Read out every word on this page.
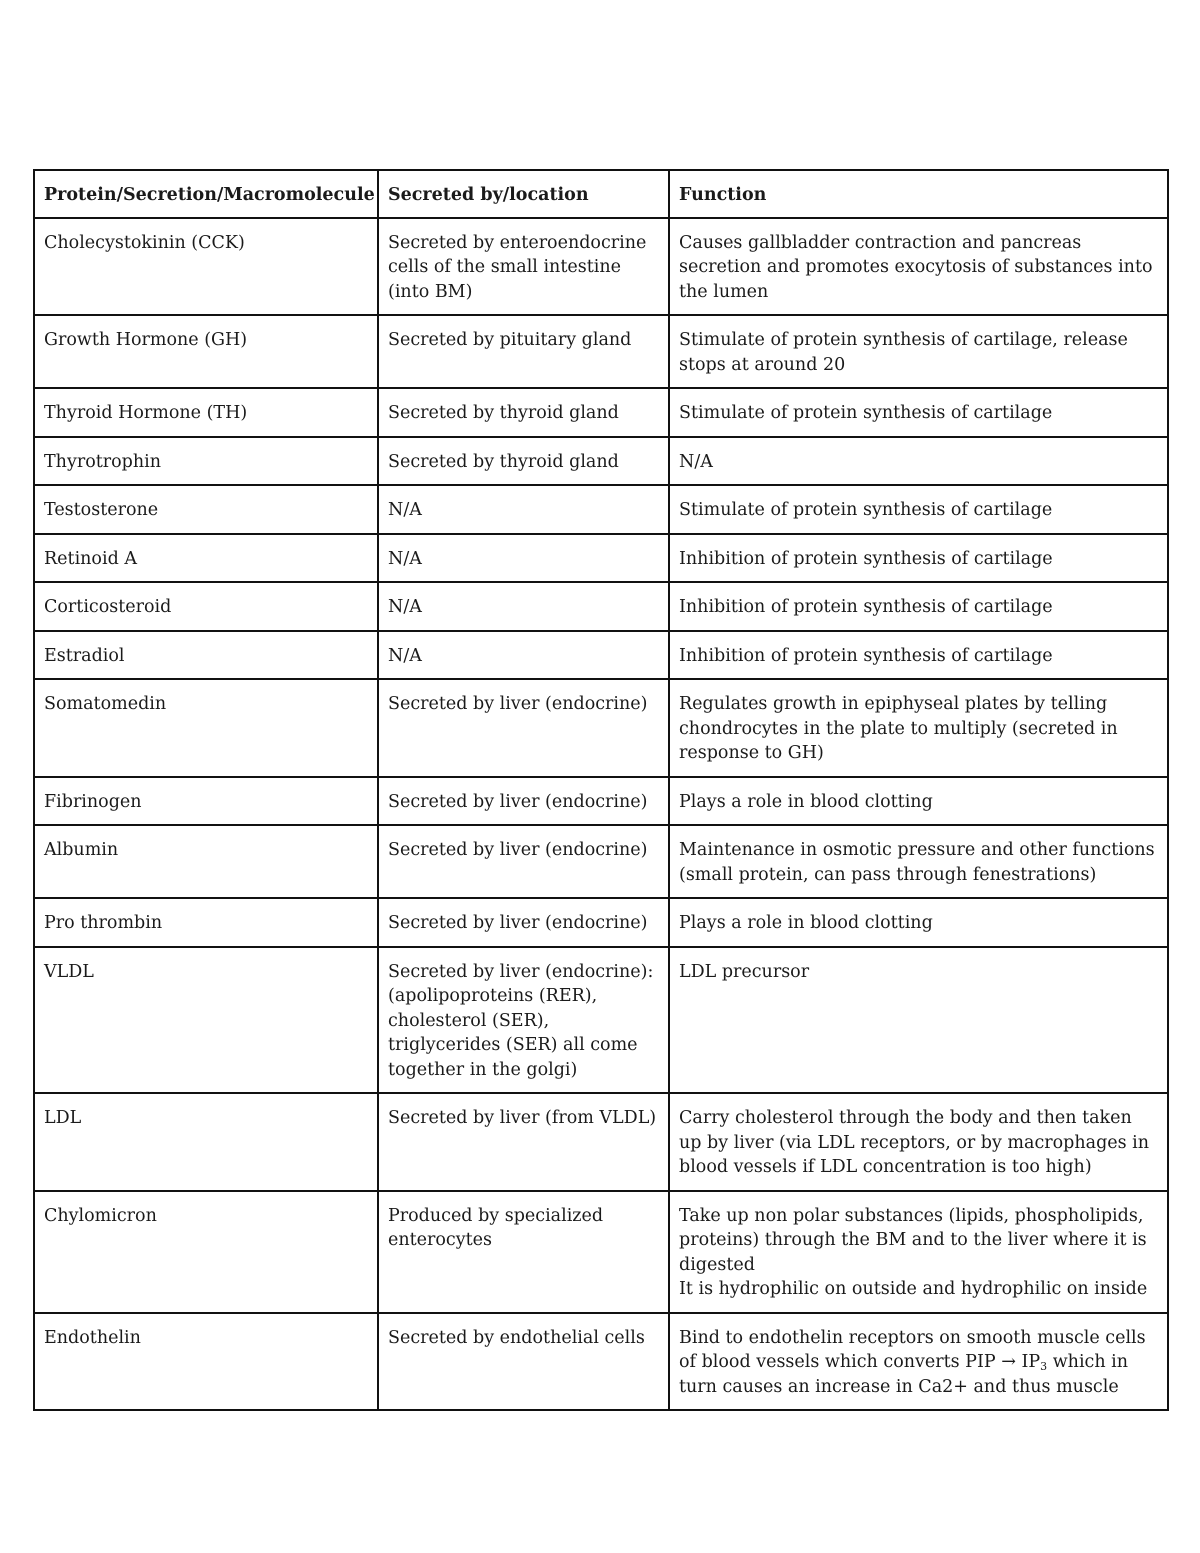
Protein/Secretion/Macromolecule	Secreted by/location	Function
Cholecystokinin (CCK)	Secreted by enteroendocrine cells of the small intestine (into BM)	Causes gallbladder contraction and pancreas secretion and promotes exocytosis of substances into the lumen

Growth Hormone (GH)	Secreted by pituitary gland	Stimulate of protein synthesis of cartilage, release stops at around 20

Thyroid Hormone (TH)	Secreted by thyroid gland	Stimulate of protein synthesis of cartilage

Thyrotrophin	Secreted by thyroid gland	N/A

Testosterone	N/A	Stimulate of protein synthesis of cartilage

Retinoid A	N/A	Inhibition of protein synthesis of cartilage

Corticosteroid	N/A	Inhibition of protein synthesis of cartilage

Estradiol	N/A	Inhibition of protein synthesis of cartilage

Somatomedin	Secreted by liver (endocrine)	Regulates growth in epiphyseal plates by telling chondrocytes in the plate to multiply (secreted in response to GH)

Fibrinogen	Secreted by liver (endocrine)	Plays a role in blood clotting

Albumin	Secreted by liver (endocrine)	Maintenance in osmotic pressure and other functions (small protein, can pass through fenestrations)

Pro thrombin	Secreted by liver (endocrine)	Plays a role in blood clotting

VLDL	Secreted by liver (endocrine): (apolipoproteins (RER), cholesterol (SER), triglycerides (SER) all come together in the golgi)	LDL precursor

LDL	Secreted by liver (from VLDL)	Carry cholesterol through the body and then taken up by liver (via LDL receptors, or by macrophages in blood vessels if LDL concentration is too high)

Chylomicron	Produced by specialized enterocytes	Take up non polar substances (lipids, phospholipids, proteins) through the BM and to the liver where it is digested
It is hydrophilic on outside and hydrophilic on inside

Endothelin	Secreted by endothelial cells	Bind to endothelin receptors on smooth muscle cells of blood vessels which converts PIP → $IP_3$ which in turn causes an increase in Ca2+ and thus muscle
